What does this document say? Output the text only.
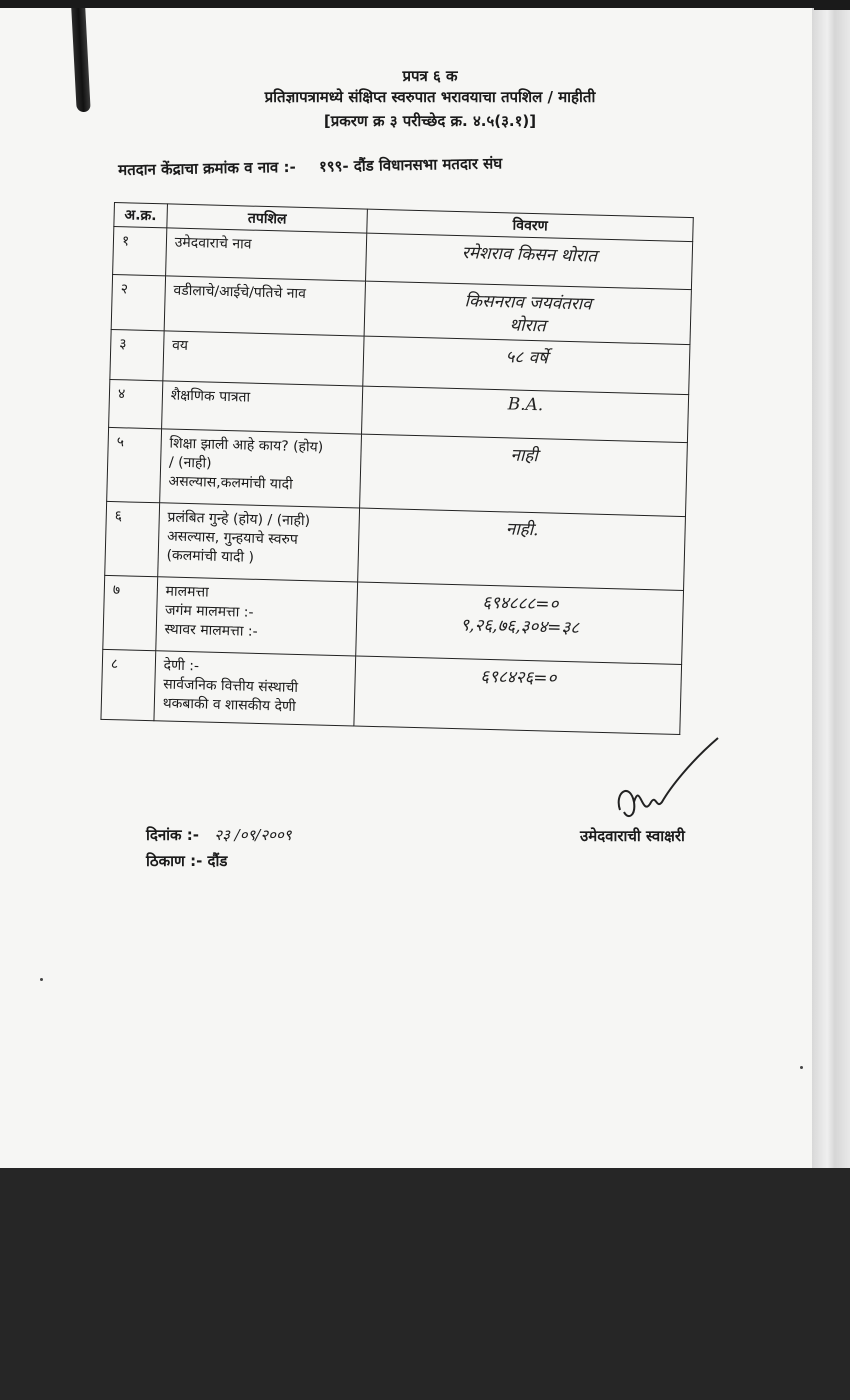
प्रपत्र ६ क
प्रतिज्ञापत्रामध्ये संक्षिप्त स्वरुपात भरावयाचा तपशिल / माहीती
[प्रकरण क्र ३ परीच्छेद क्र. ४.५(३.१)]
मतदान केंद्राचा क्रमांक व नाव :- १९९- दौंड विधानसभा मतदार संघ
अ.क्र.	तपशिल	विवरण
१	उमेदवाराचे नाव	रमेशराव किसन थोरात

२	वडीलाचे/आईचे/पतिचे नाव	किसनराव जयवंतराव
थोरात

३	वय	५८ वर्षे

४	शैक्षणिक पात्रता	B.A.

५	शिक्षा झाली आहे काय? (होय)
/ (नाही)
असल्यास,कलमांची यादी	नाही

६	प्रलंबित गुन्हे (होय) / (नाही)
असल्यास, गुन्हयाचे स्वरुप
(कलमांची यादी )	नाही.

७	मालमत्ता
जगंम मालमत्ता :-
स्थावर मालमत्ता :-	६९४८८८=०
९,२६,७६,३०४=३८

८	देणी :-
सार्वजनिक वित्तीय संस्थाची
थकबाकी व शासकीय देणी	६९८४२६=०
दिनांक :- २३ /०९/२००९
ठिकाण :- दौंड
उमेदवाराची स्वाक्षरी
